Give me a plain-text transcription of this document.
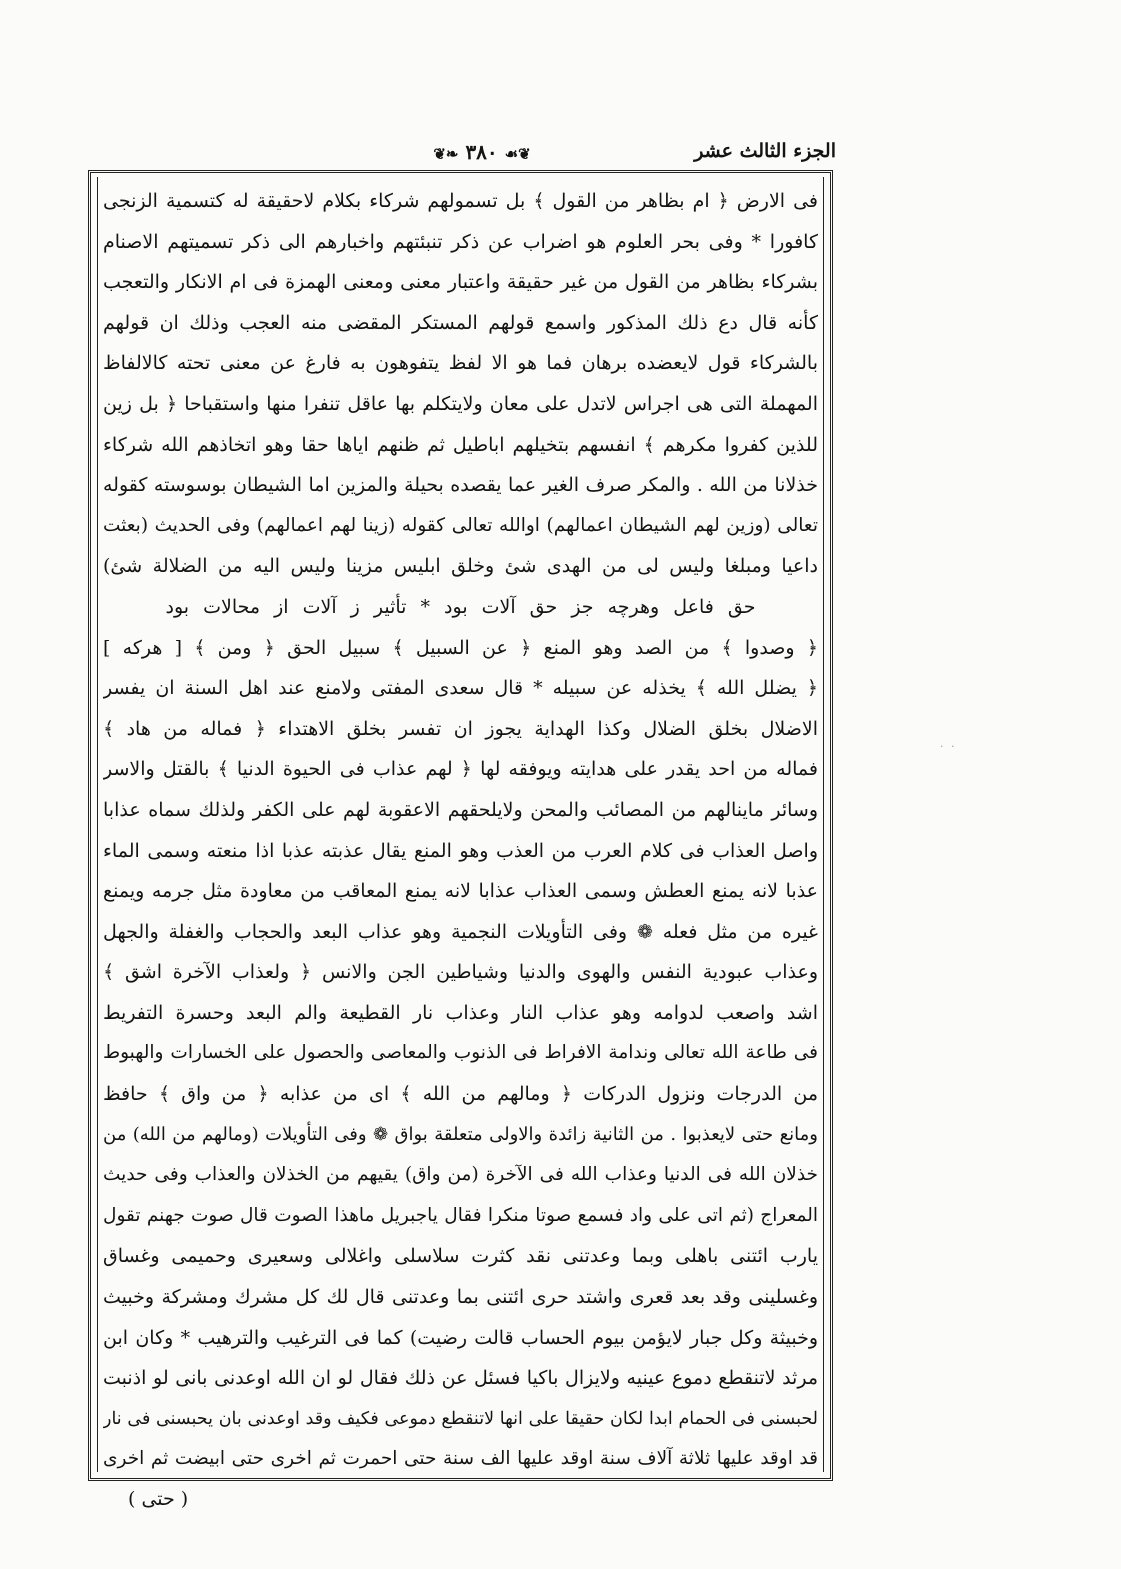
الجزء الثالث عشر
❦☙ ٣٨٠ ❧❦
فى الارض ﴿ ام بظاهر من القول ﴾ بل تسمولهم شركاء بكلام لاحقيقة له كتسمية الزنجى
كافورا * وفى بحر العلوم هو اضراب عن ذكر تنبئتهم واخبارهم الى ذكر تسميتهم الاصنام
بشركاء بظاهر من القول من غير حقيقة واعتبار معنى ومعنى الهمزة فى ام الانكار والتعجب
كأنه قال دع ذلك المذكور واسمع قولهم المستكر المقضى منه العجب وذلك ان قولهم
بالشركاء قول لايعضده برهان فما هو الا لفظ يتفوهون به فارغ عن معنى تحته كالالفاظ
المهملة التى هى اجراس لاتدل على معان ولايتكلم بها عاقل تنفرا منها واستقباحا ﴿ بل زين
للذين كفروا مكرهم ﴾ انفسهم بتخيلهم اباطيل ثم ظنهم اياها حقا وهو اتخاذهم الله شركاء
خذلانا من الله . والمكر صرف الغير عما يقصده بحيلة والمزين اما الشيطان بوسوسته كقوله
تعالى (وزين لهم الشيطان اعمالهم) اوالله تعالى كقوله (زينا لهم اعمالهم) وفى الحديث (بعثت
داعيا ومبلغا وليس لى من الهدى شئ وخلق ابليس مزينا وليس اليه من الضلالة شئ)
حق فاعل وهرچه جز حق آلات بود * تأثير ز آلات از محالات بود
﴿ وصدوا ﴾ من الصد وهو المنع ﴿ عن السبيل ﴾ سبيل الحق ﴿ ومن ﴾ [ هركه ]
﴿ يضلل الله ﴾ يخذله عن سبيله * قال سعدى المفتى ولامنع عند اهل السنة ان يفسر
الاضلال بخلق الضلال وكذا الهداية يجوز ان تفسر بخلق الاهتداء ﴿ فماله من هاد ﴾
فماله من احد يقدر على هدايته ويوفقه لها ﴿ لهم عذاب فى الحيوة الدنيا ﴾ بالقتل والاسر
وسائر ماينالهم من المصائب والمحن ولايلحقهم الاعقوبة لهم على الكفر ولذلك سماه عذابا
واصل العذاب فى كلام العرب من العذب وهو المنع يقال عذبته عذبا اذا منعته وسمى الماء
عذبا لانه يمنع العطش وسمى العذاب عذابا لانه يمنع المعاقب من معاودة مثل جرمه ويمنع
غيره من مثل فعله ❁ وفى التأويلات النجمية وهو عذاب البعد والحجاب والغفلة والجهل
وعذاب عبودية النفس والهوى والدنيا وشياطين الجن والانس ﴿ ولعذاب الآخرة اشق ﴾
اشد واصعب لدوامه وهو عذاب النار وعذاب نار القطيعة والم البعد وحسرة التفريط
فى طاعة الله تعالى وندامة الافراط فى الذنوب والمعاصى والحصول على الخسارات والهبوط
من الدرجات ونزول الدركات ﴿ ومالهم من الله ﴾ اى من عذابه ﴿ من واق ﴾ حافظ
ومانع حتى لايعذبوا . من الثانية زائدة والاولى متعلقة بواق ❁ وفى التأويلات (ومالهم من الله) من
خذلان الله فى الدنيا وعذاب الله فى الآخرة (من واق) يقيهم من الخذلان والعذاب وفى حديث
المعراج (ثم اتى على واد فسمع صوتا منكرا فقال ياجبريل ماهذا الصوت قال صوت جهنم تقول
يارب ائتنى باهلى وبما وعدتنى نقد كثرت سلاسلى واغلالى وسعيرى وحميمى وغساق
وغسلينى وقد بعد قعرى واشتد حرى ائتنى بما وعدتنى قال لك كل مشرك ومشركة وخبيث
وخبيثة وكل جبار لايؤمن بيوم الحساب قالت رضيت) كما فى الترغيب والترهيب * وكان ابن
مرثد لاتنقطع دموع عينيه ولايزال باكيا فسئل عن ذلك فقال لو ان الله اوعدنى بانى لو اذنبت
لحبسنى فى الحمام ابدا لكان حقيقا على انها لاتنقطع دموعى فكيف وقد اوعدنى بان يحبسنى فى نار
قد اوقد عليها ثلاثة آلاف سنة اوقد عليها الف سنة حتى احمرت ثم اخرى حتى ابيضت ثم اخرى
· ·
( حتى )
